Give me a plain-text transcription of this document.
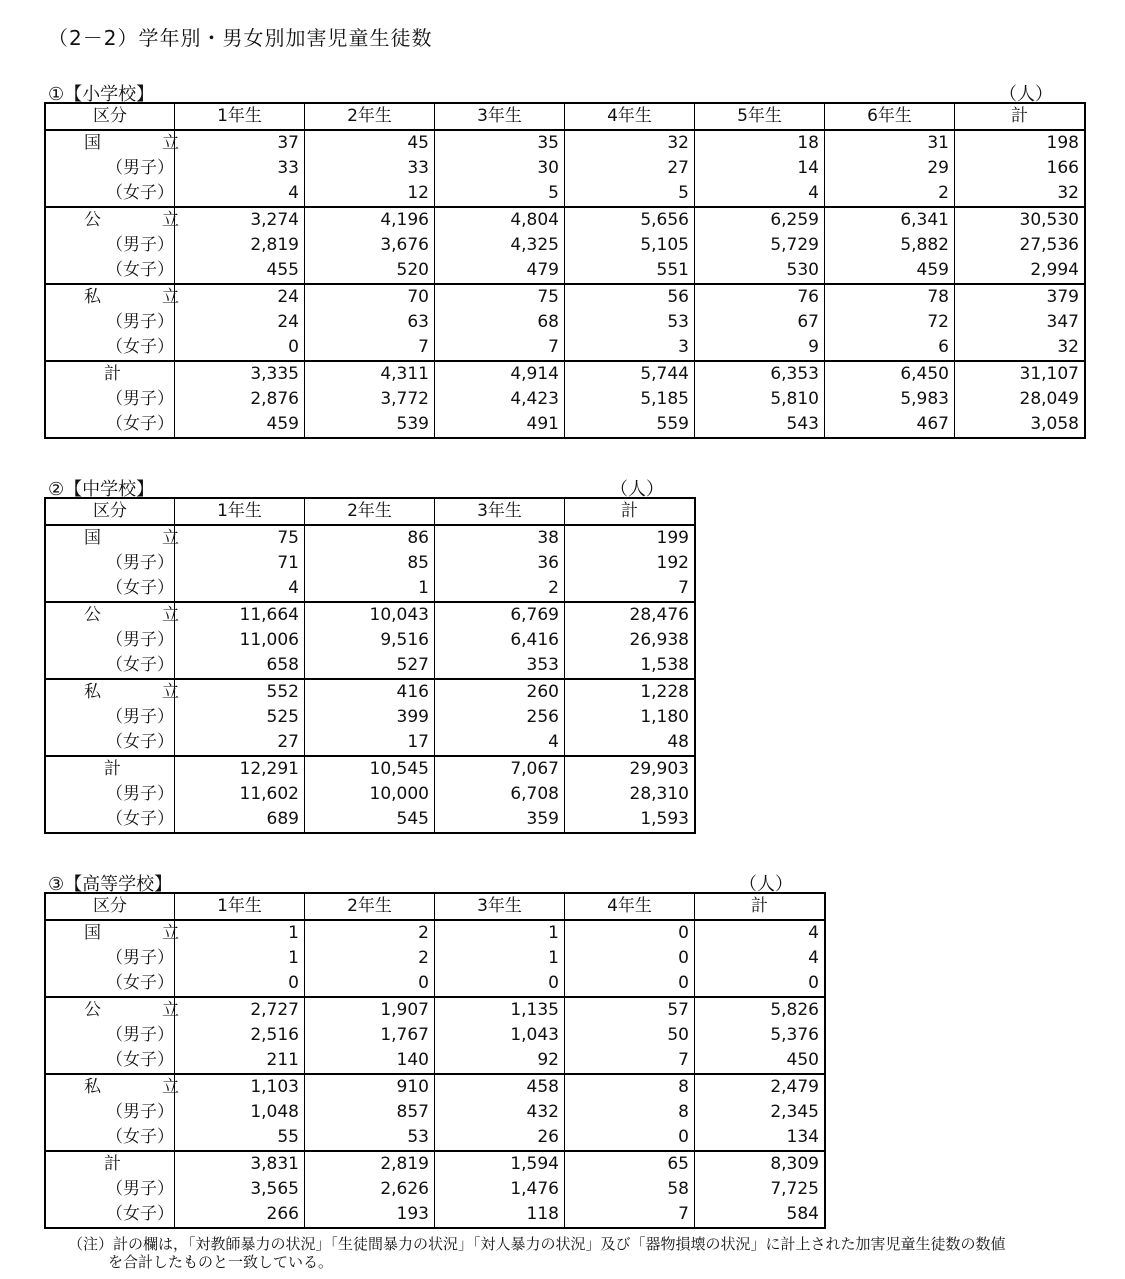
（2－2）学年別・男女別加害児童生徒数
①【小学校】	（人）
区分	1年生	2年生	3年生	4年生	5年生	6年生	計
国　立	37	45	35	32	18	31	198
（男子）	33	33	30	27	14	29	166
（女子）	4	12	5	5	4	2	32
公　立	3,274	4,196	4,804	5,656	6,259	6,341	30,530
（男子）	2,819	3,676	4,325	5,105	5,729	5,882	27,536
（女子）	455	520	479	551	530	459	2,994
私　立	24	70	75	56	76	78	379
（男子）	24	63	68	53	67	72	347
（女子）	0	7	7	3	9	6	32
計	3,335	4,311	4,914	5,744	6,353	6,450	31,107
（男子）	2,876	3,772	4,423	5,185	5,810	5,983	28,049
（女子）	459	539	491	559	543	467	3,058
②【中学校】	（人）
区分	1年生	2年生	3年生	計
国　立	75	86	38	199
（男子）	71	85	36	192
（女子）	4	1	2	7
公　立	11,664	10,043	6,769	28,476
（男子）	11,006	9,516	6,416	26,938
（女子）	658	527	353	1,538
私　立	552	416	260	1,228
（男子）	525	399	256	1,180
（女子）	27	17	4	48
計	12,291	10,545	7,067	29,903
（男子）	11,602	10,000	6,708	28,310
（女子）	689	545	359	1,593
③【高等学校】	（人）
区分	1年生	2年生	3年生	4年生	計
国　立	1	2	1	0	4
（男子）	1	2	1	0	4
（女子）	0	0	0	0	0
公　立	2,727	1,907	1,135	57	5,826
（男子）	2,516	1,767	1,043	50	5,376
（女子）	211	140	92	7	450
私　立	1,103	910	458	8	2,479
（男子）	1,048	857	432	8	2,345
（女子）	55	53	26	0	134
計	3,831	2,819	1,594	65	8,309
（男子）	3,565	2,626	1,476	58	7,725
（女子）	266	193	118	7	584
（注）計の欄は，「対教師暴力の状況」「生徒間暴力の状況」「対人暴力の状況」及び「器物損壊の状況」に計上された加害児童生徒数の数値
を合計したものと一致している。
